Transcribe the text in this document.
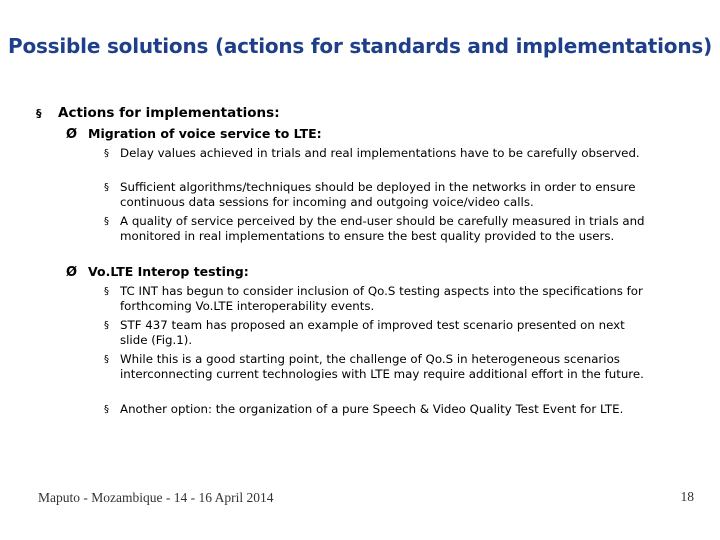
Possible solutions (actions for standards and implementations)
§ Actions for implementations:
Ø Migration of voice service to LTE:
§ Delay values achieved in trials and real implementations have to be carefully observed.
§ Sufficient algorithms/techniques should be deployed in the networks in order to ensure continuous data sessions for incoming and outgoing voice/video calls.
§ A quality of service perceived by the end-user should be carefully measured in trials and monitored in real implementations to ensure the best quality provided to the users.
Ø Vo.LTE Interop testing:
§ TC INT has begun to consider inclusion of Qo.S testing aspects into the specifications for forthcoming Vo.LTE interoperability events.
§ STF 437 team has proposed an example of improved test scenario presented on next slide (Fig.1).
§ While this is a good starting point, the challenge of Qo.S in heterogeneous scenarios interconnecting current technologies with LTE may require additional effort in the future.
§ Another option: the organization of a pure Speech & Video Quality Test Event for LTE.
Maputo - Mozambique - 14 - 16 April 2014	18
